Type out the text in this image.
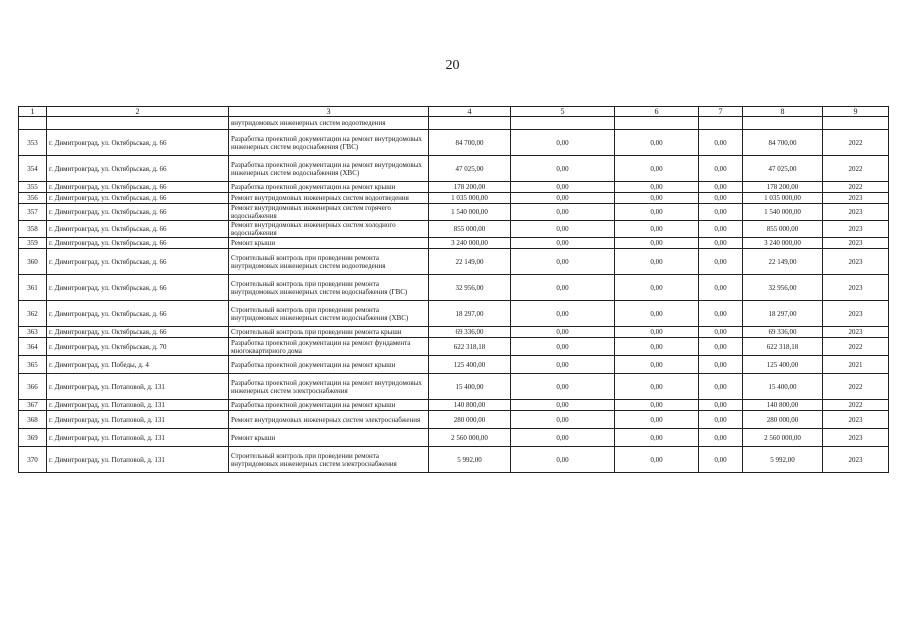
20
1	2	3	4	5	6	7	8	9
		внутридомовых инженерных систем водоотведения						
353	г. Димитровград, ул. Октябрьская, д. 66	Разработка проектной документации на ремонт внутридомовых инженерных систем водоснабжения (ГВС)	84 700,00	0,00	0,00	0,00	84 700,00	2022
354	г. Димитровград, ул. Октябрьская, д. 66	Разработка проектной документации на ремонт внутридомовых инженерных систем водоснабжения (ХВС)	47 025,00	0,00	0,00	0,00	47 025,00	2022
355	г. Димитровград, ул. Октябрьская, д. 66	Разработка проектной документации на ремонт крыши	178 200,00	0,00	0,00	0,00	178 200,00	2022
356	г. Димитровград, ул. Октябрьская, д. 66	Ремонт внутридомовых инженерных систем водоотведения	1 035 000,00	0,00	0,00	0,00	1 035 000,00	2023
357	г. Димитровград, ул. Октябрьская, д. 66	Ремонт внутридомовых инженерных систем горячего водоснабжения	1 540 000,00	0,00	0,00	0,00	1 540 000,00	2023
358	г. Димитровград, ул. Октябрьская, д. 66	Ремонт внутридомовых инженерных систем холодного водоснабжения	855 000,00	0,00	0,00	0,00	855 000,00	2023
359	г. Димитровград, ул. Октябрьская, д. 66	Ремонт крыши	3 240 000,00	0,00	0,00	0,00	3 240 000,00	2023
360	г. Димитровград, ул. Октябрьская, д. 66	Строительный контроль при проведении ремонта внутридомовых инженерных систем водоотведения	22 149,00	0,00	0,00	0,00	22 149,00	2023
361	г. Димитровград, ул. Октябрьская, д. 66	Строительный контроль при проведении ремонта внутридомовых инженерных систем водоснабжения (ГВС)	32 956,00	0,00	0,00	0,00	32 956,00	2023
362	г. Димитровград, ул. Октябрьская, д. 66	Строительный контроль при проведении ремонта внутридомовых инженерных систем водоснабжения (ХВС)	18 297,00	0,00	0,00	0,00	18 297,00	2023
363	г. Димитровград, ул. Октябрьская, д. 66	Строительный контроль при проведении ремонта крыши	69 336,00	0,00	0,00	0,00	69 336,00	2023
364	г. Димитровград, ул. Октябрьская, д. 70	Разработка проектной документации на ремонт фундамента многоквартирного дома	622 318,18	0,00	0,00	0,00	622 318,18	2022
365	г. Димитровград, ул. Победы, д. 4	Разработка проектной документации на ремонт крыши	125 400,00	0,00	0,00	0,00	125 400,00	2021
366	г. Димитровград, ул. Потаповой, д. 131	Разработка проектной документации на ремонт внутридомовых инженерных систем электроснабжения	15 400,00	0,00	0,00	0,00	15 400,00	2022
367	г. Димитровград, ул. Потаповой, д. 131	Разработка проектной документации на ремонт крыши	140 800,00	0,00	0,00	0,00	140 800,00	2022
368	г. Димитровград, ул. Потаповой, д. 131	Ремонт внутридомовых инженерных систем электроснабжения	280 000,00	0,00	0,00	0,00	280 000,00	2023
369	г. Димитровград, ул. Потаповой, д. 131	Ремонт крыши	2 560 000,00	0,00	0,00	0,00	2 560 000,00	2023
370	г. Димитровград, ул. Потаповой, д. 131	Строительный контроль при проведении ремонта внутридомовых инженерных систем электроснабжения	5 992,00	0,00	0,00	0,00	5 992,00	2023
